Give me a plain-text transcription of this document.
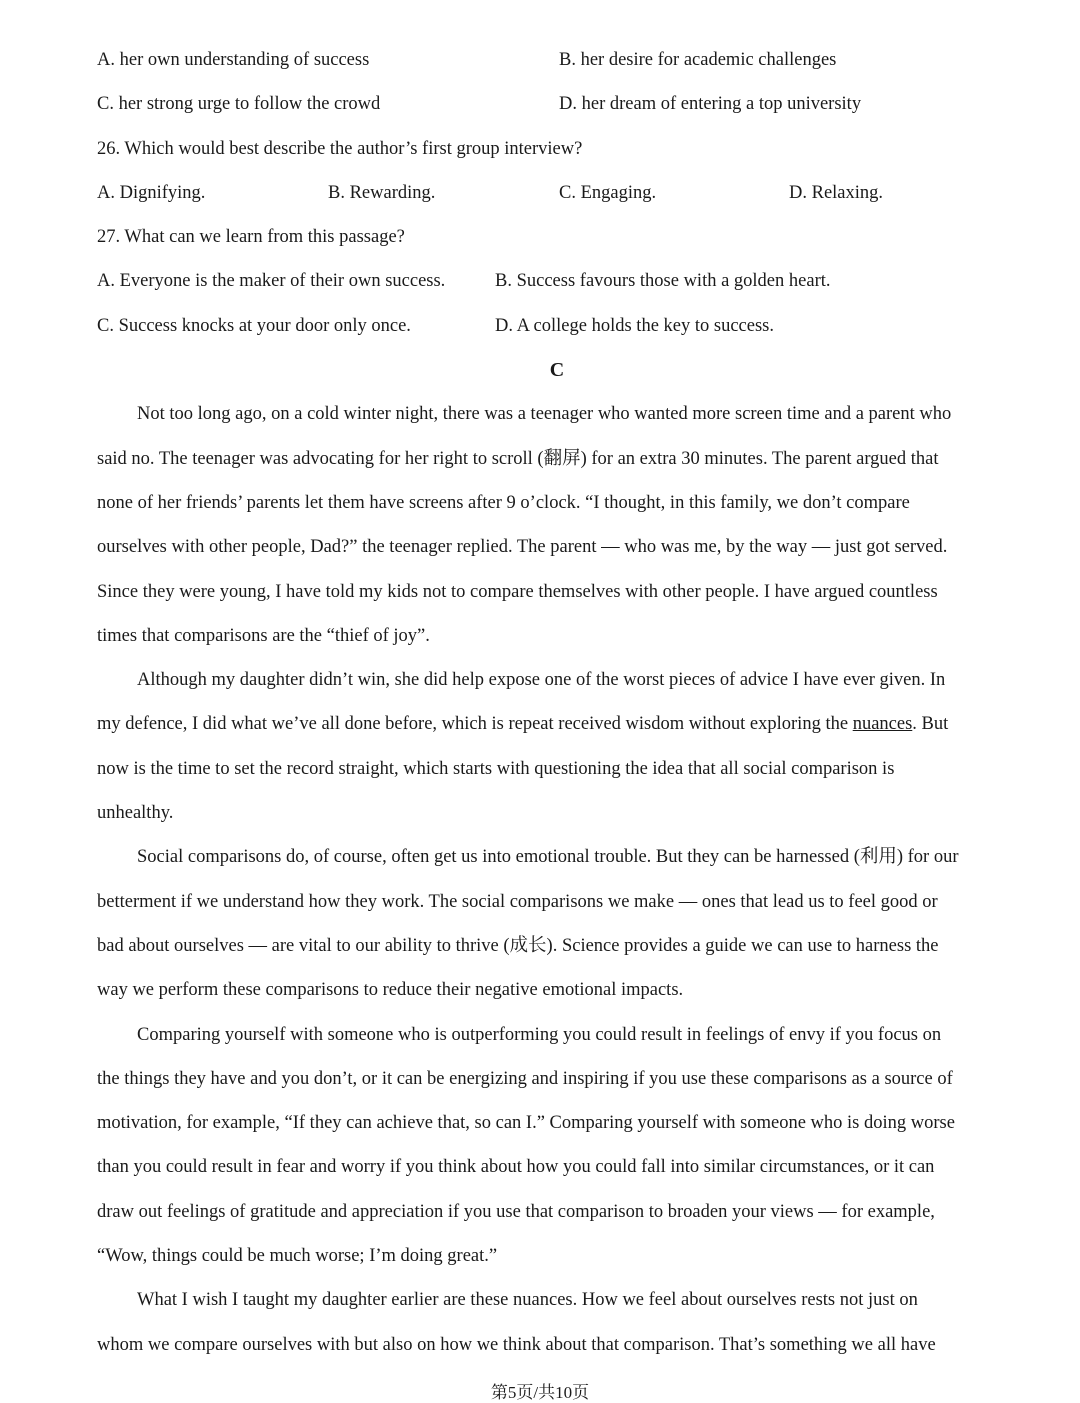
A. her own understanding of success	B. her desire for academic challenges
C. her strong urge to follow the crowd	D. her dream of entering a top university
26. Which would best describe the author’s first group interview?
A. Dignifying.	B. Rewarding.	C. Engaging.	D. Relaxing.
27. What can we learn from this passage?
A. Everyone is the maker of their own success.	B. Success favours those with a golden heart.
C. Success knocks at your door only once.	D. A college holds the key to success.
C
Not too long ago, on a cold winter night, there was a teenager who wanted more screen time and a parent who
said no. The teenager was advocating for her right to scroll (翻屏) for an extra 30 minutes. The parent argued that
none of her friends’ parents let them have screens after 9 o’clock. “I thought, in this family, we don’t compare
ourselves with other people, Dad?” the teenager replied. The parent — who was me, by the way — just got served.
Since they were young, I have told my kids not to compare themselves with other people. I have argued countless
times that comparisons are the “thief of joy”.
Although my daughter didn’t win, she did help expose one of the worst pieces of advice I have ever given. In
my defence, I did what we’ve all done before, which is repeat received wisdom without exploring the nuances. But
now is the time to set the record straight, which starts with questioning the idea that all social comparison is
unhealthy.
Social comparisons do, of course, often get us into emotional trouble. But they can be harnessed (利用) for our
betterment if we understand how they work. The social comparisons we make — ones that lead us to feel good or
bad about ourselves — are vital to our ability to thrive (成长). Science provides a guide we can use to harness the
way we perform these comparisons to reduce their negative emotional impacts.
Comparing yourself with someone who is outperforming you could result in feelings of envy if you focus on
the things they have and you don’t, or it can be energizing and inspiring if you use these comparisons as a source of
motivation, for example, “If they can achieve that, so can I.” Comparing yourself with someone who is doing worse
than you could result in fear and worry if you think about how you could fall into similar circumstances, or it can
draw out feelings of gratitude and appreciation if you use that comparison to broaden your views — for example,
“Wow, things could be much worse; I’m doing great.”
What I wish I taught my daughter earlier are these nuances. How we feel about ourselves rests not just on
whom we compare ourselves with but also on how we think about that comparison. That’s something we all have
第5页/共10页
